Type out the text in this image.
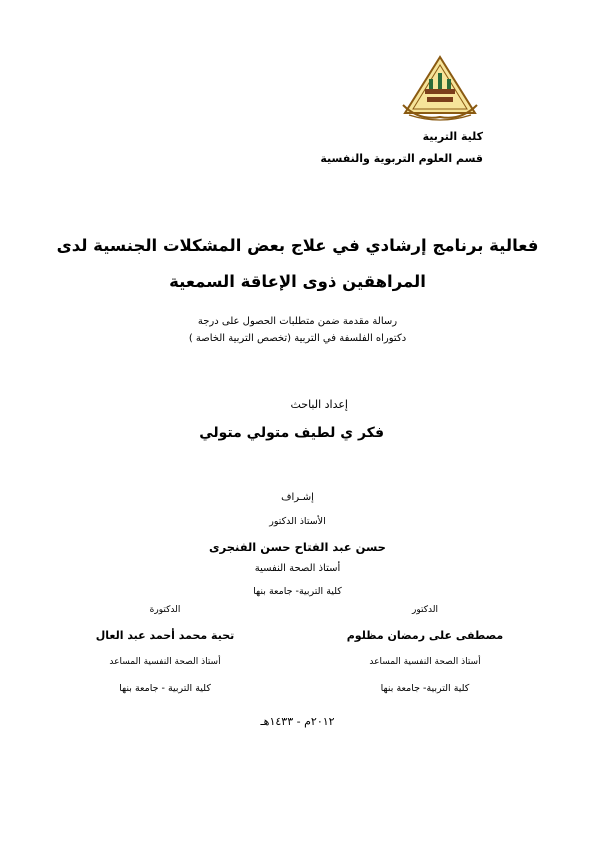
كلية التربية
قسم العلوم التربوية والنفسية
فعالية برنامج إرشادي في علاج بعض المشكلات الجنسية لدى
المراهقين ذوى الإعاقة السمعية
رسالة مقدمة ضمن متطلبات الحصول على درجة
دكتوراه الفلسفة في التربية (تخصص التربية الخاصة )
إعداد الباحث
فكر ي لطيف متولي متولي
إشـراف
الأستاذ الدكتور
حسن عبد الفتاح حسن الفنجرى
أستاذ الصحة النفسية
كلية التربية- جامعة بنها
الدكتور
مصطفى على رمضان مظلوم
أستاذ الصحة النفسية المساعد
كلية التربية- جامعة بنها
الدكتورة
تحية محمد أحمد عبد العال
أستاذ الصحة النفسية المساعد
كلية التربية - جامعة بنها
٢٠١٢م - ١٤٣٣هـ
